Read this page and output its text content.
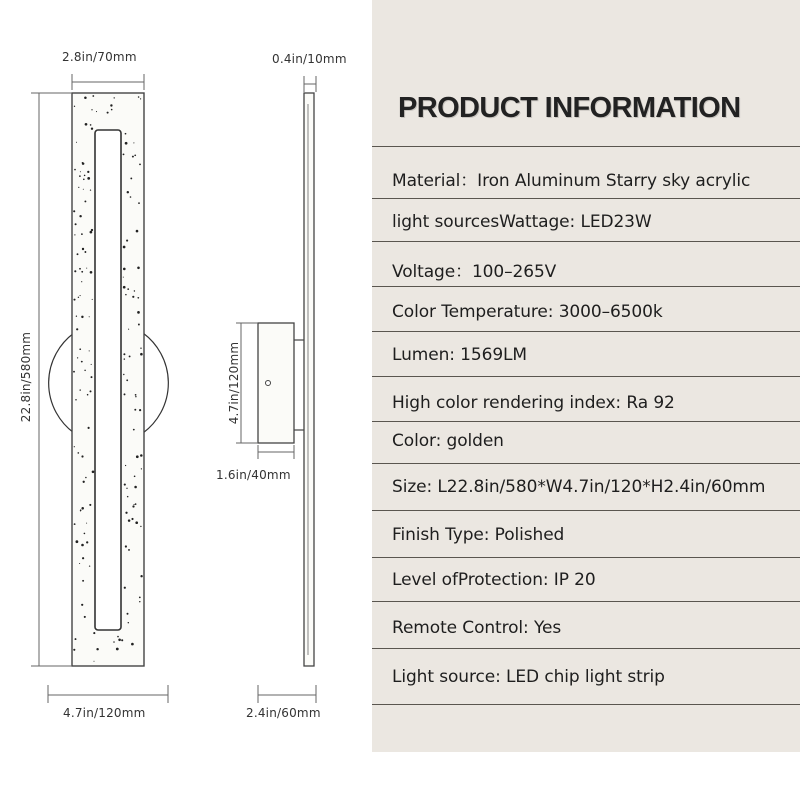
2.8in/70mm
22.8in/580mm
4.7in/120mm
0.4in/10mm
4.7in/120mm
1.6in/40mm
2.4in/60mm
PRODUCT INFORMATION
Material：Iron Aluminum Starry sky acrylic
light sourcesWattage: LED23W
Voltage：100–265V
Color Temperature: 3000–6500k
Lumen: 1569LM
High color rendering index: Ra 92
Color: golden
Size: L22.8in/580*W4.7in/120*H2.4in/60mm
Finish Type: Polished
Level ofProtection: IP 20
Remote Control: Yes
Light source: LED chip light strip
